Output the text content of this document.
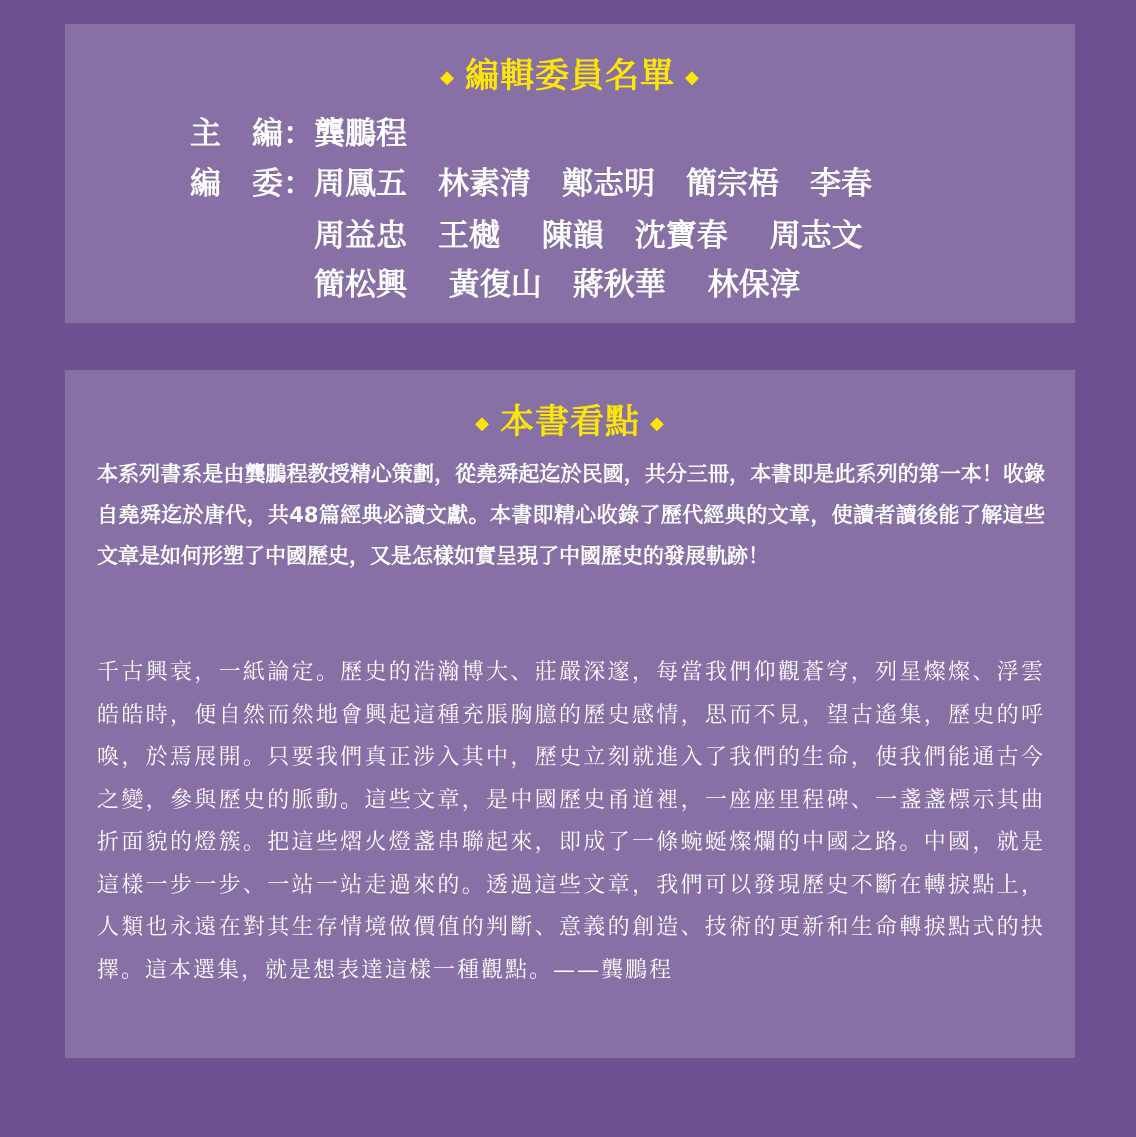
◆ 編輯委員名單 ◆
主　編：龔鵬程
編　委：周鳳五　林素清　鄭志明　簡宗梧　李春
　　　　周益忠　王樾　 陳韻　沈寶春　 周志文
　　　　簡松興　 黃復山　蔣秋華　 林保淳
◆ 本書看點 ◆

本系列書系是由龔鵬程教授精心策劃，從堯舜起迄於民國，共分三冊，本書即是此系列的第一本！收錄自堯舜迄於唐代，共48篇經典必讀文獻。本書即精心收錄了歷代經典的文章，使讀者讀後能了解這些文章是如何形塑了中國歷史，又是怎樣如實呈現了中國歷史的發展軌跡！

千古興衰，一紙論定。歷史的浩瀚博大、莊嚴深邃，每當我們仰觀蒼穹，列星燦燦、浮雲皓皓時，便自然而然地會興起這種充脹胸臆的歷史感情，思而不見，望古遙集，歷史的呼喚，於焉展開。只要我們真正涉入其中，歷史立刻就進入了我們的生命，使我們能通古今之變，參與歷史的脈動。這些文章，是中國歷史甬道裡，一座座里程碑、一盞盞標示其曲折面貌的燈簇。把這些熠火燈盞串聯起來，即成了一條蜿蜒燦爛的中國之路。中國，就是這樣一步一步、一站一站走過來的。透過這些文章，我們可以發現歷史不斷在轉捩點上，人類也永遠在對其生存情境做價值的判斷、意義的創造、技術的更新和生命轉捩點式的抉擇。這本選集，就是想表達這樣一種觀點。——龔鵬程
